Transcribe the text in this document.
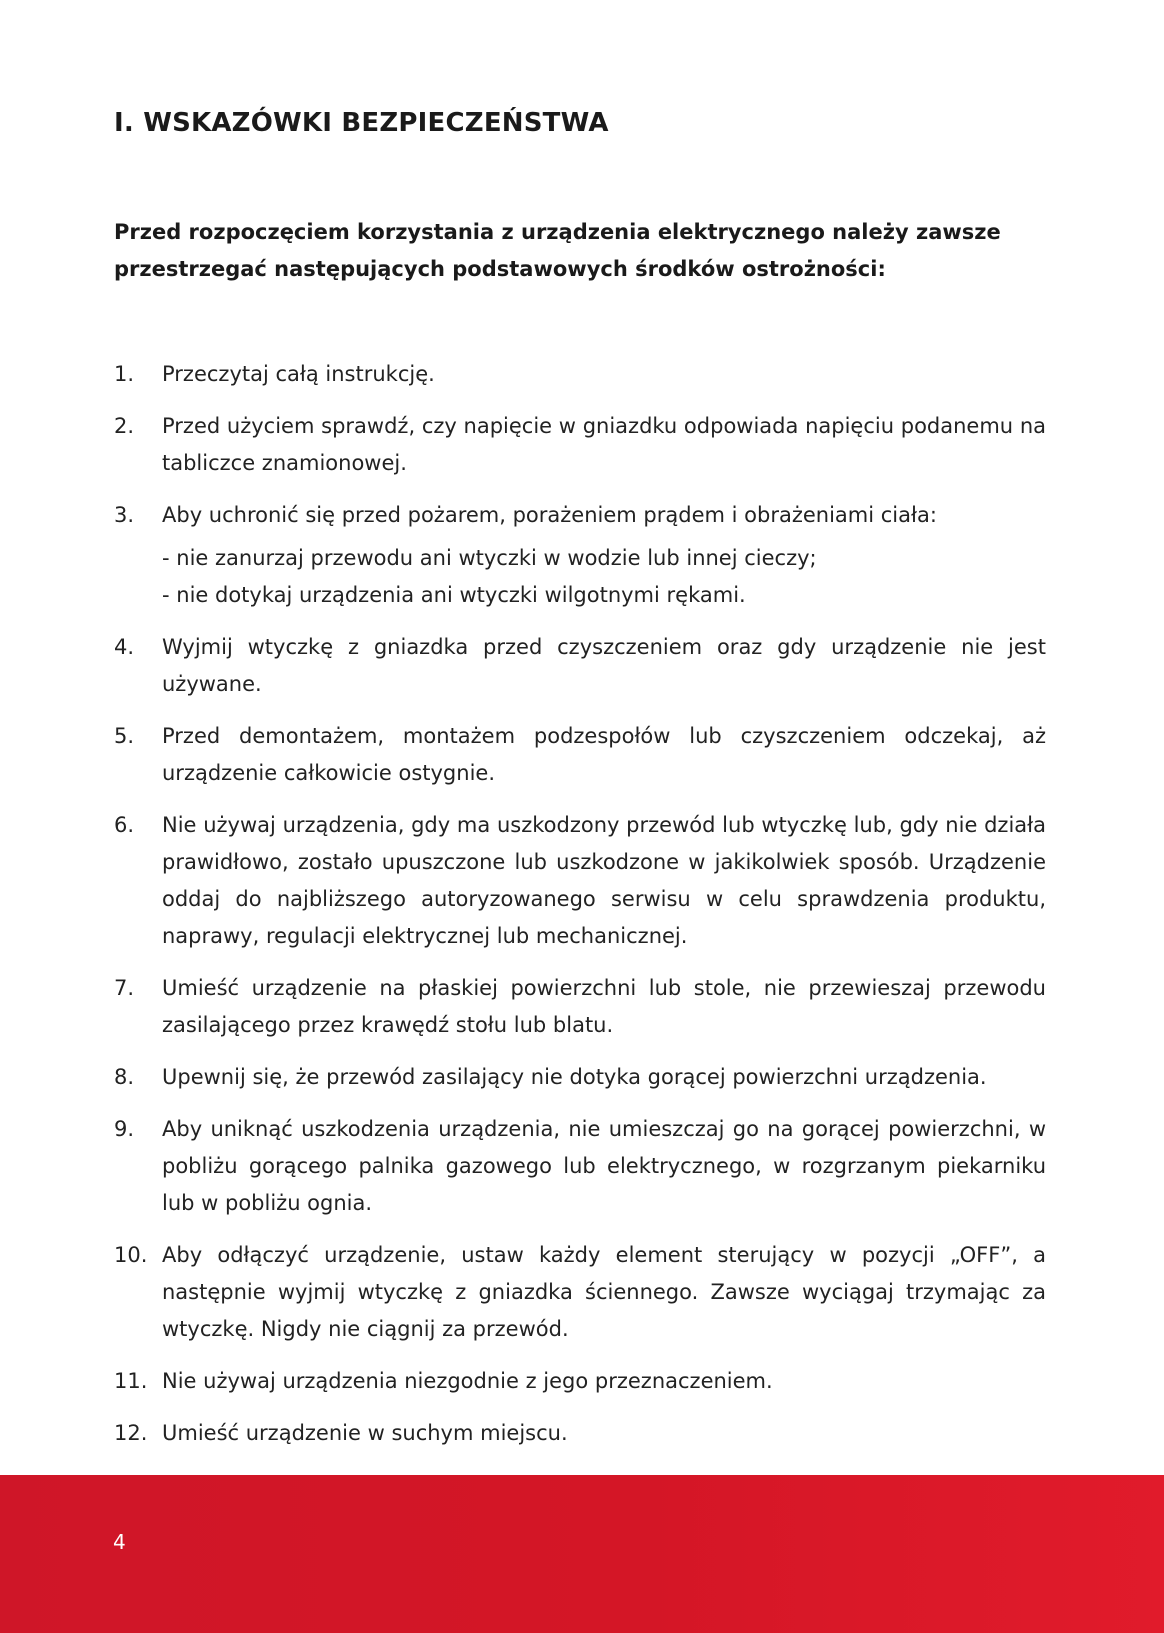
I. WSKAZÓWKI BEZPIECZEŃSTWA

Przed rozpoczęciem korzystania z urządzenia elektrycznego należy zawsze przestrzegać następujących podstawowych środków ostrożności:

1. Przeczytaj całą instrukcję.
2. Przed użyciem sprawdź, czy napięcie w gniazdku odpowiada napięciu podanemu na tabliczce znamionowej.
3. Aby uchronić się przed pożarem, porażeniem prądem i obrażeniami ciała:
- nie zanurzaj przewodu ani wtyczki w wodzie lub innej cieczy;
- nie dotykaj urządzenia ani wtyczki wilgotnymi rękami.
4. Wyjmij wtyczkę z gniazdka przed czyszczeniem oraz gdy urządzenie nie jest używane.
5. Przed demontażem, montażem podzespołów lub czyszczeniem odczekaj, aż urządzenie całkowicie ostygnie.
6. Nie używaj urządzenia, gdy ma uszkodzony przewód lub wtyczkę lub, gdy nie działa prawidłowo, zostało upuszczone lub uszkodzone w jakikolwiek sposób. Urządzenie oddaj do najbliższego autoryzowanego serwisu w celu sprawdzenia produktu, naprawy, regulacji elektrycznej lub mechanicznej.
7. Umieść urządzenie na płaskiej powierzchni lub stole, nie przewieszaj przewodu zasilającego przez krawędź stołu lub blatu.
8. Upewnij się, że przewód zasilający nie dotyka gorącej powierzchni urządzenia.
9. Aby uniknąć uszkodzenia urządzenia, nie umieszczaj go na gorącej powierzchni, w pobliżu gorącego palnika gazowego lub elektrycznego, w rozgrzanym piekarniku lub w pobliżu ognia.
10. Aby odłączyć urządzenie, ustaw każdy element sterujący w pozycji „OFF”, a następnie wyjmij wtyczkę z gniazdka ściennego. Zawsze wyciągaj trzymając za wtyczkę. Nigdy nie ciągnij za przewód.
11. Nie używaj urządzenia niezgodnie z jego przeznaczeniem.
12. Umieść urządzenie w suchym miejscu.
4
